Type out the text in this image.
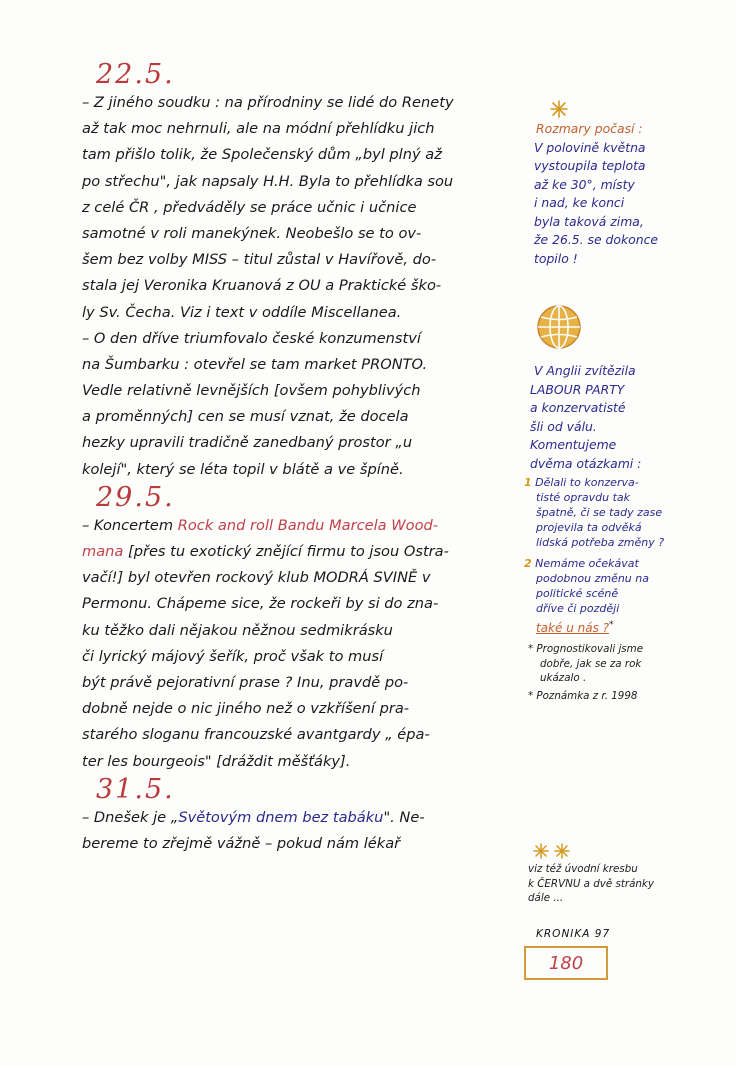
22.5.
– Z jiného soudku : na přírodniny se lidé do Renety
až tak moc nehrnuli, ale na módní přehlídku jich
tam přišlo tolik, že Společenský dům „byl plný až
po střechu", jak napsaly H.H. Byla to přehlídka sou
z celé ČR , předváděly se práce učnic i učnice
samotné v roli manekýnek. Neobešlo se to ov-
šem bez volby MISS – titul zůstal v Havířově, do-
stala jej Veronika Kruanová z OU a Praktické ško-
ly Sv. Čecha. Viz i text v oddíle Miscellanea.
– O den dříve triumfovalo české konzumenství
na Šumbarku : otevřel se tam market PRONTO.
Vedle relativně levnějších [ovšem pohyblivých
a proměnných] cen se musí vznat, že docela
hezky upravili tradičně zanedbaný prostor „u
kolejí", který se léta topil v blátě a ve špíně.
29.5.
– Koncertem Rock and roll Bandu Marcela Wood-
mana [přes tu exotický znějící firmu to jsou Ostra-
vačí!] byl otevřen rockový klub MODRÁ SVINĚ v
Permonu. Chápeme sice, že rockeři by si do zna-
ku těžko dali nějakou něžnou sedmikrásku
či lyrický májový šeřík, proč však to musí
být právě pejorativní prase ? Inu, pravdě po-
dobně nejde o nic jiného než o vzkříšení pra-
starého sloganu francouzské avantgardy „ épa-
ter les bourgeois" [dráždit měšťáky].
31.5.
– Dnešek je „Světovým dnem bez tabáku". Ne-
bereme to zřejmě vážně – pokud nám lékař
Rozmary počasí :
V polovině května
vystoupila teplota
až ke 30°, místy
i nad, ke konci
byla taková zima,
že 26.5. se dokonce
topilo !
V Anglii zvítězila
LABOUR PARTY
a konzervatisté
šli od válu.
Komentujeme
dvěma otázkami :
1 Dělali to konzerva-
tisté opravdu tak
špatně, či se tady zase
projevila ta odvěká
lidská potřeba změny ?
2 Nemáme očekávat
podobnou změnu na
politické scéně
dříve či později
také u nás ?*
* Prognostikovali jsme
dobře, jak se za rok
ukázalo .
* Poznámka z r. 1998
viz též úvodní kresbu
k ČERVNU a dvě stránky
dále ...
KRONIKA 97
180
